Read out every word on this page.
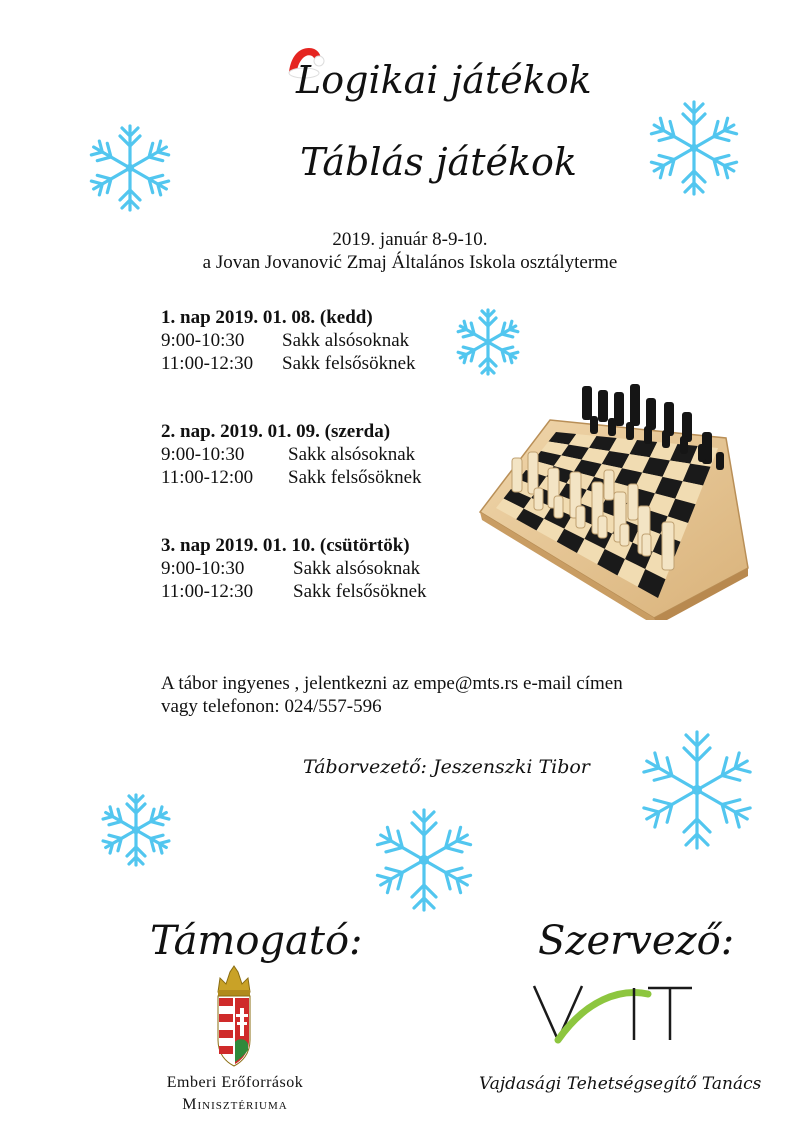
Logikai játékok
Táblás játékok
2019. január 8-9-10.
a Jovan Jovanović Zmaj Általános Iskola osztályterme
1. nap 2019. 01. 08. (kedd)
9:00-10:30	Sakk alsósoknak
11:00-12:30	Sakk felsősöknek
2. nap. 2019. 01. 09. (szerda)
9:00-10:30	Sakk alsósoknak
11:00-12:00	Sakk felsősöknek
3. nap 2019. 01. 10. (csütörtök)
9:00-10:30	Sakk alsósoknak
11:00-12:30	Sakk felsősöknek
A tábor ingyenes , jelentkezni az empe@mts.rs e-mail címen
vagy telefonon: 024/557-596
Táborvezető: Jeszenszki Tibor
Támogató:
Emberi Erőforrások
Minisztériuma
Szervező:
Vajdasági Tehetségsegítő Tanács
